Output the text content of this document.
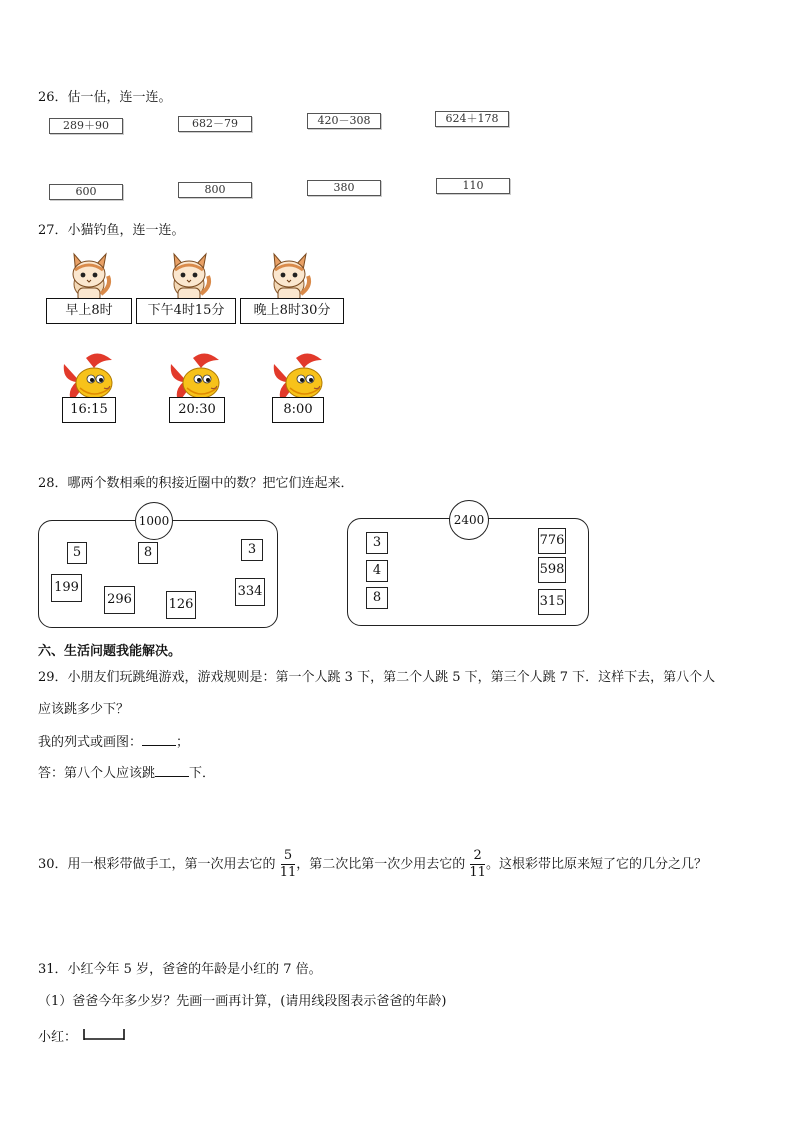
26．估一估，连一连。
289＋90	682－79	420－308	624＋178
600	800	380	110
27．小猫钓鱼，连一连。
早上8时	下午4时15分	晚上8时30分
16:15	20:30	8:00
28．哪两个数相乘的积接近圈中的数？把它们连起来．
1000
5	8	3
199
296	126
334
2400
3
4
8
776
598
315
六、生活问题我能解决。
29．小朋友们玩跳绳游戏，游戏规则是：第一个人跳 3 下，第二个人跳 5 下，第三个人跳 7 下．这样下去，第八个人
应该跳多少下？
我的列式或画图：	；
答：第八个人应该跳	下．
30．用一根彩带做手工，第一次用去它的 $\frac{5}{11}$，第二次比第一次少用去它的 $\frac{2}{11}$。这根彩带比原来短了它的几分之几？
31．小红今年 5 岁，爸爸的年龄是小红的 7 倍。
（1）爸爸今年多少岁？先画一画再计算，(请用线段图表示爸爸的年龄)
小红：
